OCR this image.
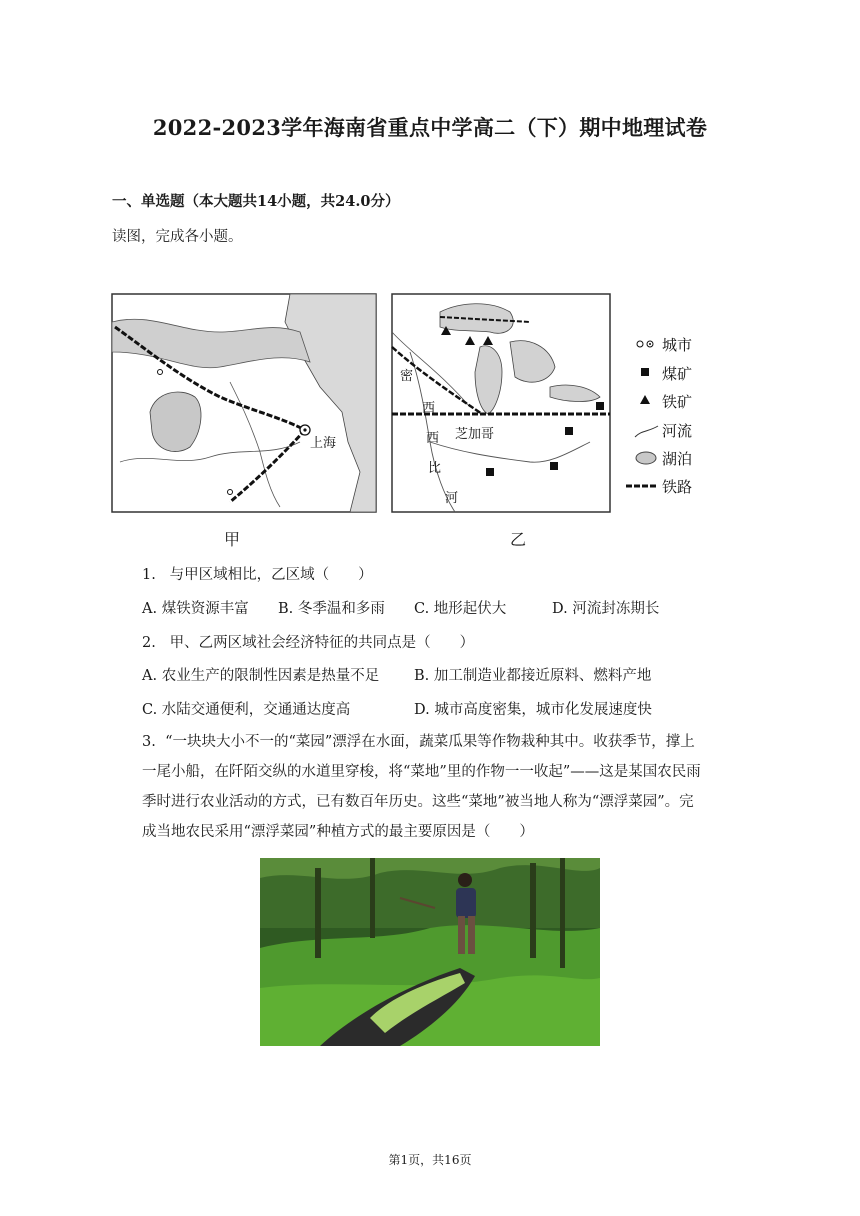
2022-2023学年海南省重点中学高二（下）期中地理试卷
一、单选题（本大题共14小题，共24.0分）
读图，完成各小题。
上海
密
西
西 芝加哥
比
河
城市
煤矿
铁矿
河流
湖泊
铁路
甲	乙
1. 与甲区域相比，乙区域（　　）
A. 煤铁资源丰富 B. 冬季温和多雨 C. 地形起伏大	D. 河流封冻期长
2. 甲、乙两区域社会经济特征的共同点是（　　）
A. 农业生产的限制性因素是热量不足 B. 加工制造业都接近原料、燃料产地
C. 水陆交通便利，交通通达度高	D. 城市高度密集，城市化发展速度快
3. “一块块大小不一的“菜园”漂浮在水面，蔬菜瓜果等作物栽种其中。收获季节，撑上
一尾小船，在阡陌交纵的水道里穿梭，将“菜地”里的作物一一收起”——这是某国农民雨
季时进行农业活动的方式，已有数百年历史。这些“菜地”被当地人称为“漂浮菜园”。完
成当地农民采用“漂浮菜园”种植方式的最主要原因是（　　）
第1页，共16页
